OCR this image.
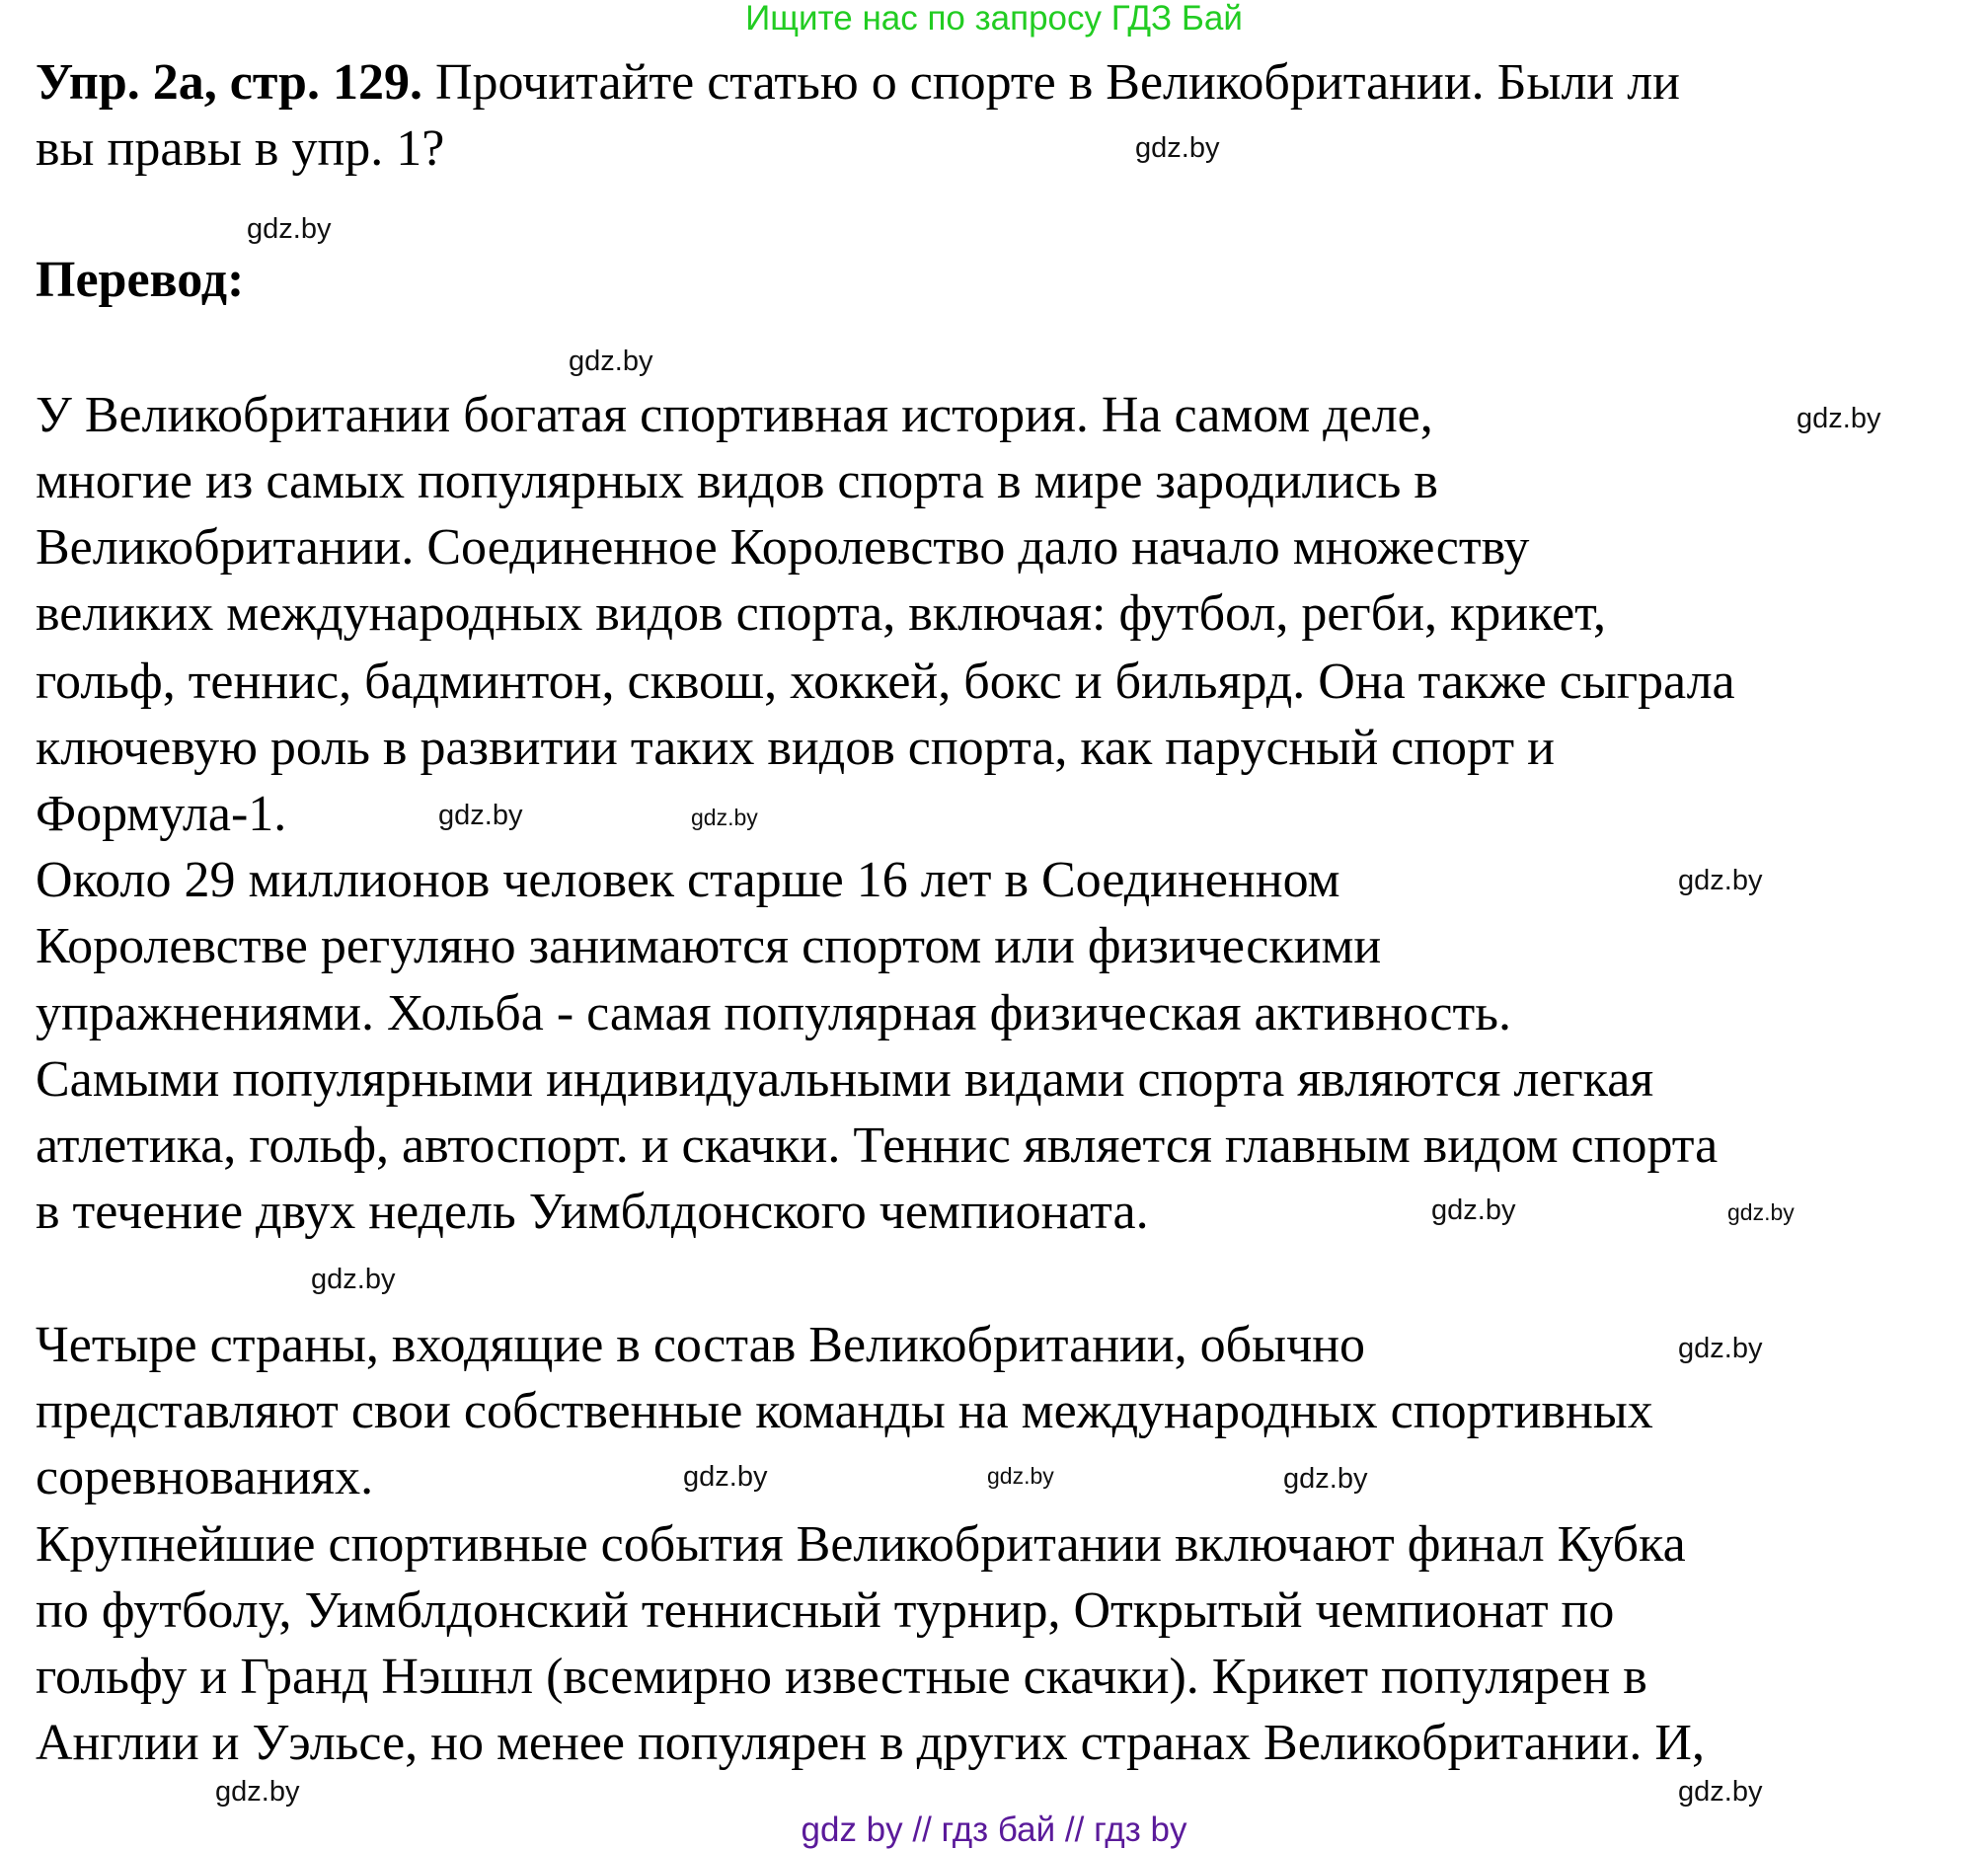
Ищите нас по запросу ГДЗ Бай
Упр. 2а, стр. 129. Прочитайте статью о спорте в Великобритании. Были ли
вы правы в упр. 1?
Перевод:
У Великобритании богатая спортивная история. На самом деле,
многие из самых популярных видов спорта в мире зародились в
Великобритании. Соединенное Королевство дало начало множеству
великих международных видов спорта, включая: футбол, регби, крикет,
гольф, теннис, бадминтон, сквош, хоккей, бокс и бильярд. Она также сыграла
ключевую роль в развитии таких видов спорта, как парусный спорт и
Формула-1.
Около 29 миллионов человек старше 16 лет в Соединенном
Королевстве регуляно занимаются спортом или физическими
упражнениями. Хольба - самая популярная физическая активность.
Самыми популярными индивидуальными видами спорта являются легкая
атлетика, гольф, автоспорт. и скачки. Теннис является главным видом спорта
в течение двух недель Уимблдонского чемпионата.
Четыре страны, входящие в состав Великобритании, обычно
представляют свои собственные команды на международных спортивных
соревнованиях.
Крупнейшие спортивные события Великобритании включают финал Кубка
по футболу, Уимблдонский теннисный турнир, Открытый чемпионат по
гольфу и Гранд Нэшнл (всемирно известные скачки). Крикет популярен в
Англии и Уэльсе, но менее популярен в других странах Великобритании. И,
gdz.by
gdz.by
gdz.by
gdz.by
gdz.by
gdz.by
gdz.by
gdz.by
gdz.by
gdz.by
gdz.by
gdz.by	gdz.by
gdz.by
gdz.by
gdz.by
gdz by // гдз бай // гдз by
